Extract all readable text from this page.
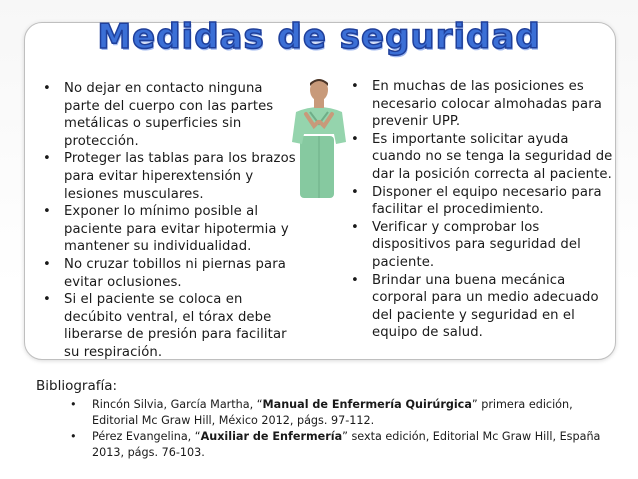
Medidas de seguridad
• No dejar en contacto ninguna parte del cuerpo con las partes metálicas o superficies sin protección.
• Proteger las tablas para los brazos para evitar hiperextensión y lesiones musculares.
• Exponer lo mínimo posible al paciente para evitar hipotermia y mantener su individualidad.
• No cruzar tobillos ni piernas para evitar oclusiones.
• Si el paciente se coloca en decúbito ventral, el tórax debe liberarse de presión para facilitar su respiración.
• En muchas de las posiciones es necesario colocar almohadas para prevenir UPP.
• Es importante solicitar ayuda cuando no se tenga la seguridad de dar la posición correcta al paciente.
• Disponer el equipo necesario para facilitar el procedimiento.
• Verificar y comprobar los dispositivos para seguridad del paciente.
• Brindar una buena mecánica corporal para un medio adecuado del paciente y seguridad en el equipo de salud.
Bibliografía:
• Rincón Silvia, García Martha, “Manual de Enfermería Quirúrgica” primera edición, Editorial Mc Graw Hill, México 2012, págs. 97-112.
• Pérez Evangelina, “Auxiliar de Enfermería” sexta edición, Editorial Mc Graw Hill, España 2013, págs. 76-103.
